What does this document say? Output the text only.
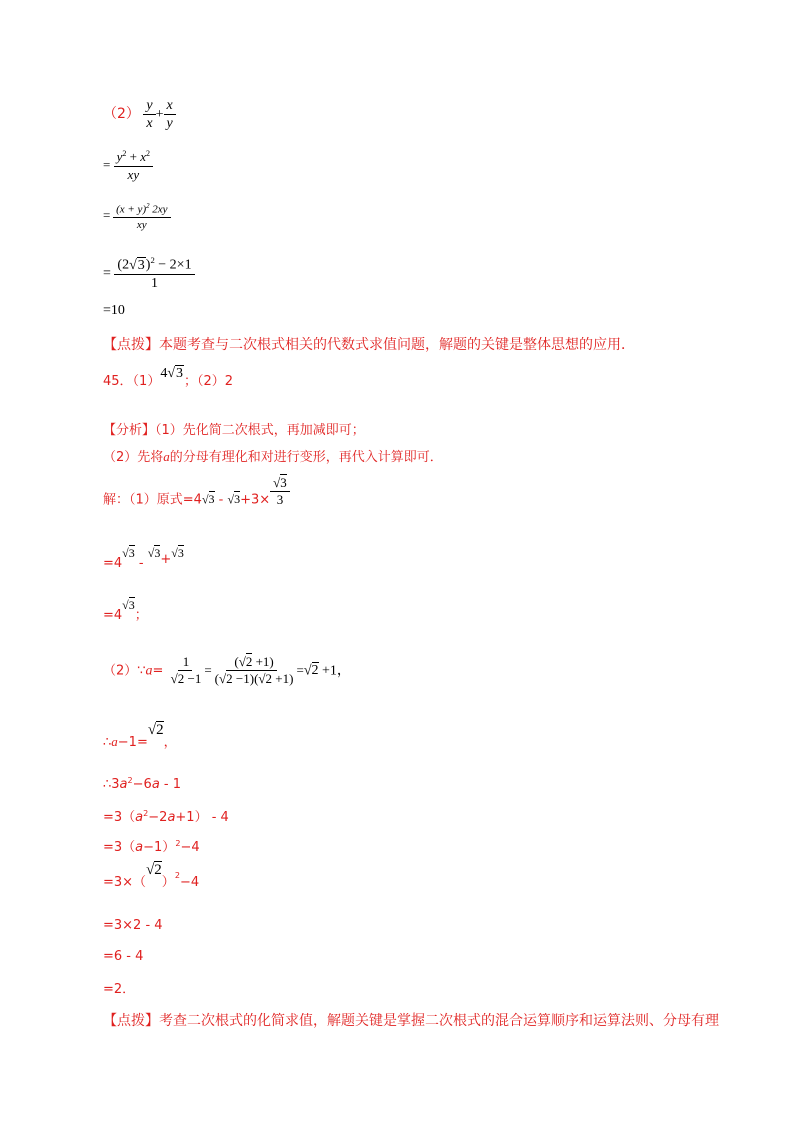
$(2) \frac{y}{x} + \frac{x}{y}$
= $\frac{y^2 + x^2}{xy}$
= $\frac{(x + y)^2 2xy}{xy}$
= $\frac{(2√3)^2 - 2\times 1}{1}$
=10
【点拨】本题考查与二次根式相关的代数式求值问题，解题的关键是整体思想的应用．
45．（1）4√3；（2）2
【分析】（1）先化简二次根式，再加减即可；
（2）先将a的分母有理化和对进行变形，再代入计算即可．
解：（1）原式$=4√3 - √3+3\times \frac{√3}{3}$
=4√3 - √3+√3
=4√3；
（2）∵a= $\frac{1}{√2 -1} = \frac{(√2 +1)}{(√2 -1)(√2 +1)} =√2 +1$，
∴a−1=√2，
$\therefore 3a^2-6a - 1$
$=3(a^2-2a+1) - 4$
$=3(a-1)^2-4$
$=3\times(√2)_2-4$
=3×2 - 4
=6 - 4
=2．
【点拨】考查二次根式的化简求值，解题关键是掌握二次根式的混合运算顺序和运算法则、分母有理
